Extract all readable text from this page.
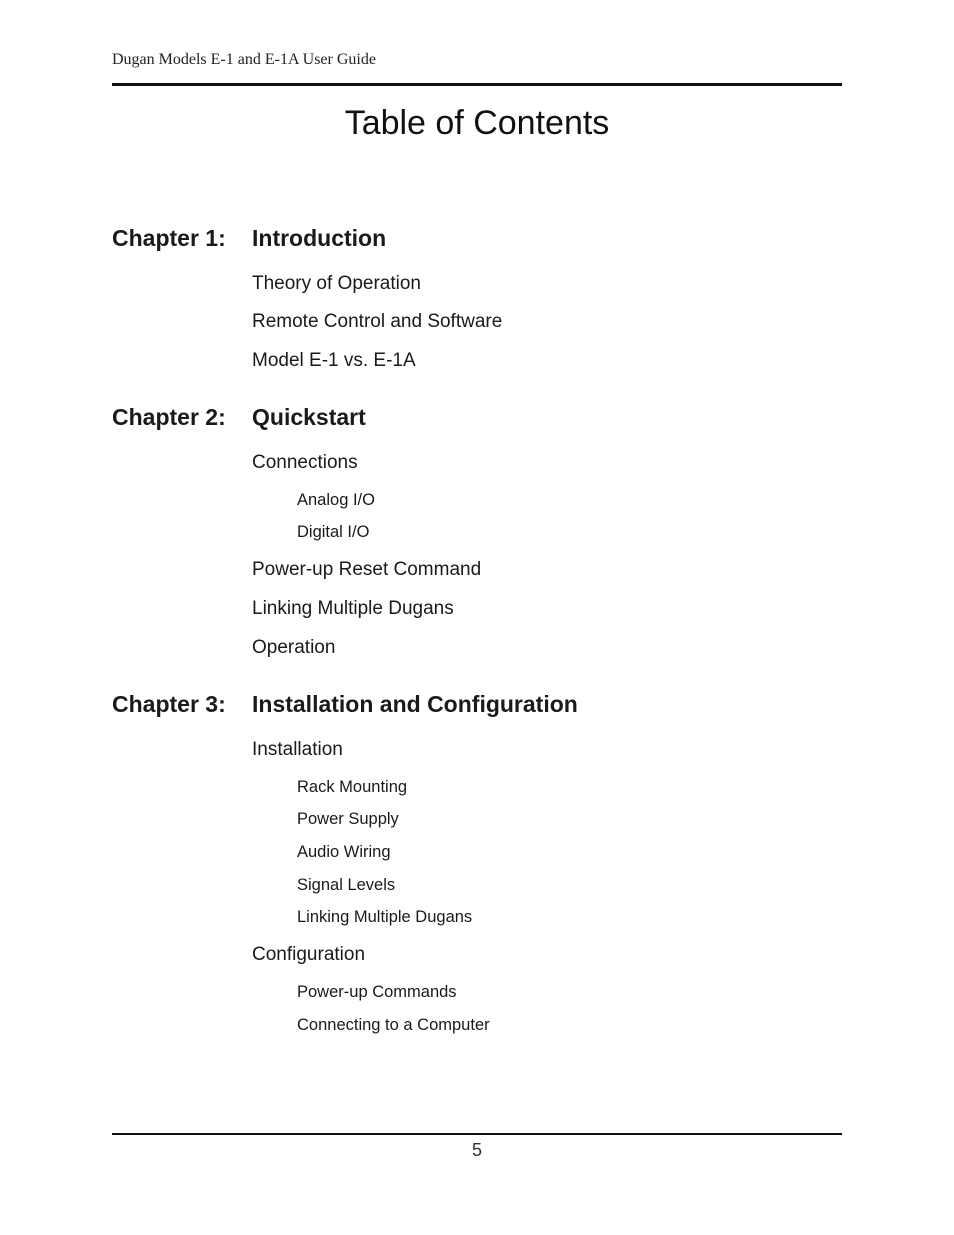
Dugan Models E-1 and E-1A User Guide
Table of Contents
Chapter 1: Introduction
Theory of Operation
Remote Control and Software
Model E-1 vs. E-1A
Chapter 2: Quickstart
Connections
Analog I/O
Digital I/O
Power-up Reset Command
Linking Multiple Dugans
Operation
Chapter 3: Installation and Configuration
Installation
Rack Mounting
Power Supply
Audio Wiring
Signal Levels
Linking Multiple Dugans
Configuration
Power-up Commands
Connecting to a Computer
5
